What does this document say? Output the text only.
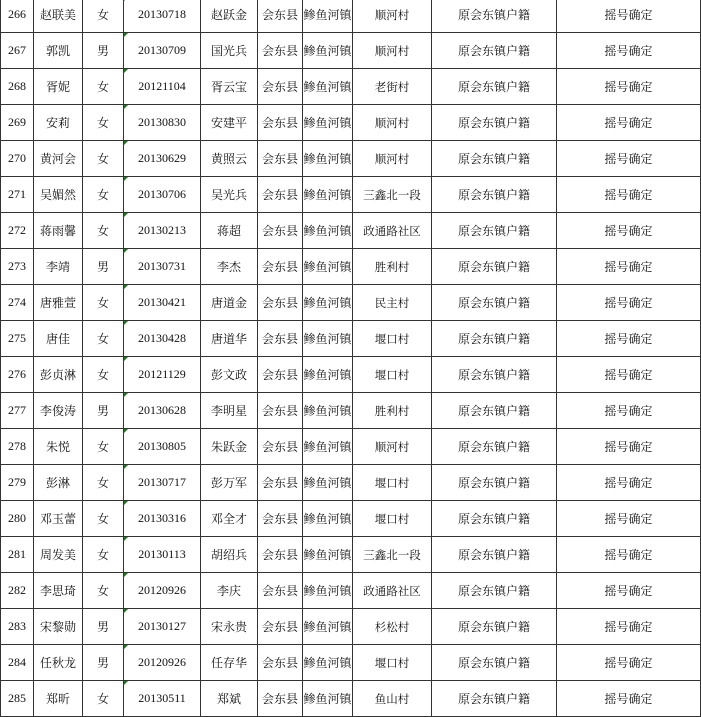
266	赵联美	女	20130718	赵跃金	会东县	鲹鱼河镇	顺河村	原会东镇户籍	摇号确定
267	郭凯	男	20130709	国光兵	会东县	鲹鱼河镇	顺河村	原会东镇户籍	摇号确定
268	胥妮	女	20121104	胥云宝	会东县	鲹鱼河镇	老街村	原会东镇户籍	摇号确定
269	安莉	女	20130830	安建平	会东县	鲹鱼河镇	顺河村	原会东镇户籍	摇号确定
270	黄河会	女	20130629	黄照云	会东县	鲹鱼河镇	顺河村	原会东镇户籍	摇号确定
271	吴媚然	女	20130706	吴光兵	会东县	鲹鱼河镇	三鑫北一段	原会东镇户籍	摇号确定
272	蒋雨馨	女	20130213	蒋超	会东县	鲹鱼河镇	政通路社区	原会东镇户籍	摇号确定
273	李靖	男	20130731	李杰	会东县	鲹鱼河镇	胜利村	原会东镇户籍	摇号确定
274	唐雅萱	女	20130421	唐道金	会东县	鲹鱼河镇	民主村	原会东镇户籍	摇号确定
275	唐佳	女	20130428	唐道华	会东县	鲹鱼河镇	堰口村	原会东镇户籍	摇号确定
276	彭贞淋	女	20121129	彭文政	会东县	鲹鱼河镇	堰口村	原会东镇户籍	摇号确定
277	李俊涛	男	20130628	李明星	会东县	鲹鱼河镇	胜利村	原会东镇户籍	摇号确定
278	朱悦	女	20130805	朱跃金	会东县	鲹鱼河镇	顺河村	原会东镇户籍	摇号确定
279	彭淋	女	20130717	彭万军	会东县	鲹鱼河镇	堰口村	原会东镇户籍	摇号确定
280	邓玉蕾	女	20130316	邓全才	会东县	鲹鱼河镇	堰口村	原会东镇户籍	摇号确定
281	周发美	女	20130113	胡绍兵	会东县	鲹鱼河镇	三鑫北一段	原会东镇户籍	摇号确定
282	李思琦	女	20120926	李庆	会东县	鲹鱼河镇	政通路社区	原会东镇户籍	摇号确定
283	宋黎勋	男	20130127	宋永贵	会东县	鲹鱼河镇	杉松村	原会东镇户籍	摇号确定
284	任秋龙	男	20120926	任存华	会东县	鲹鱼河镇	堰口村	原会东镇户籍	摇号确定
285	郑昕	女	20130511	郑斌	会东县	鲹鱼河镇	鱼山村	原会东镇户籍	摇号确定
